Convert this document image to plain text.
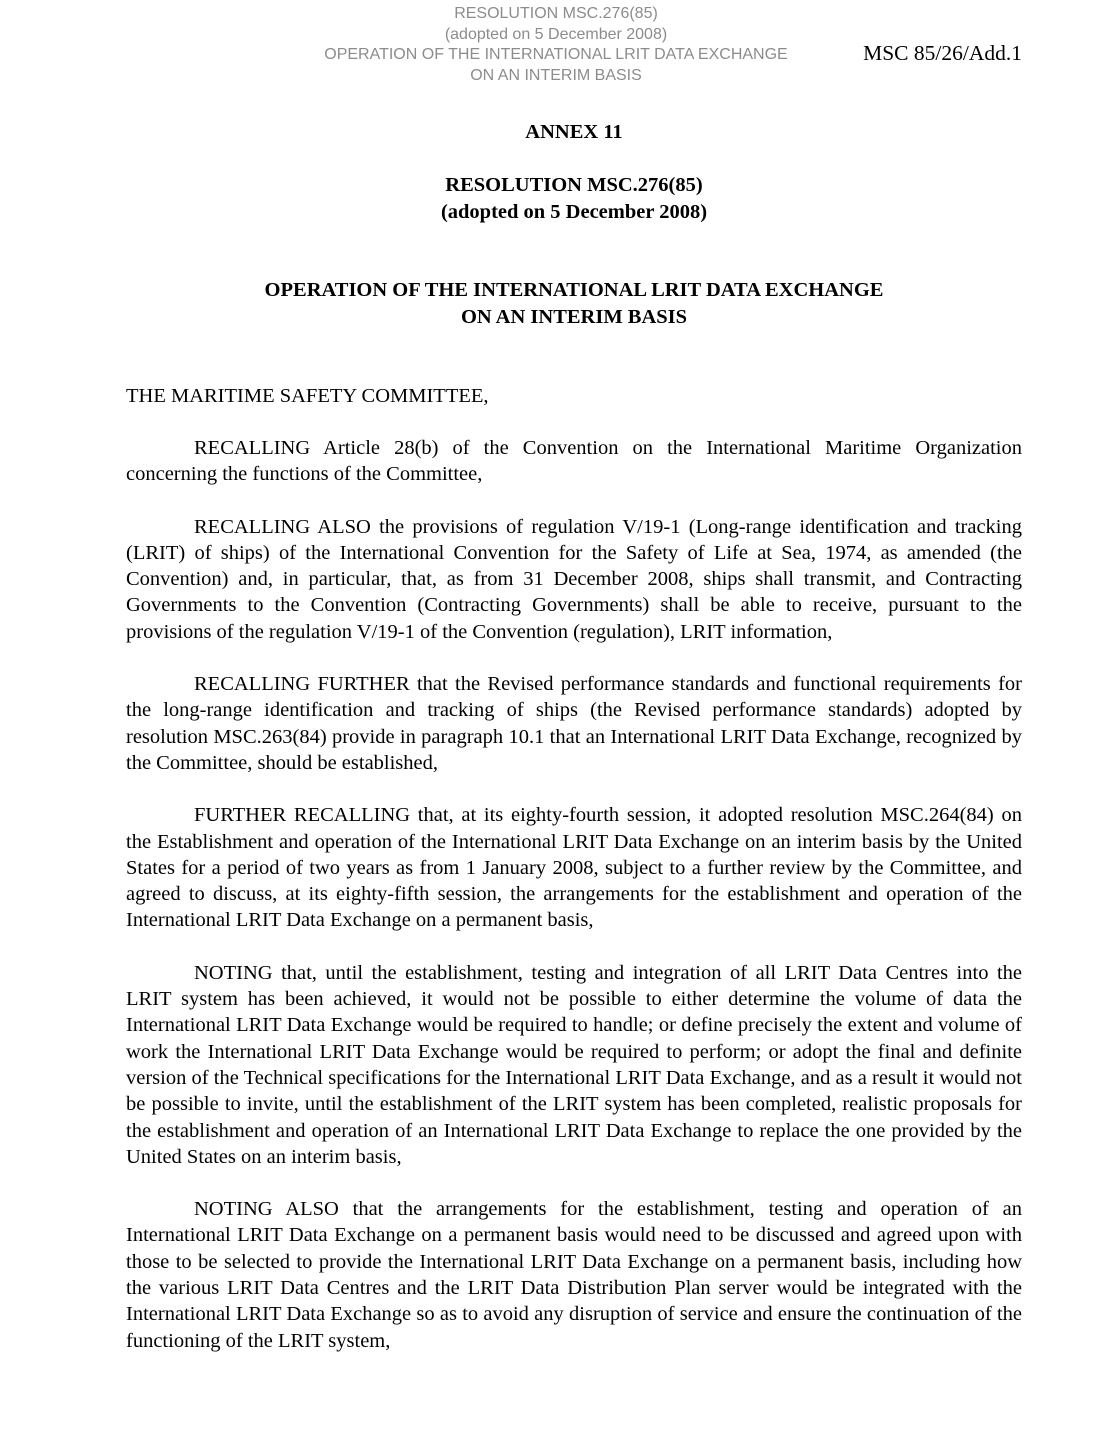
RESOLUTION MSC.276(85)
(adopted on 5 December 2008)
OPERATION OF THE INTERNATIONAL LRIT DATA EXCHANGE
ON AN INTERIM BASIS
MSC 85/26/Add.1
ANNEX 11
RESOLUTION MSC.276(85)
(adopted on 5 December 2008)
OPERATION OF THE INTERNATIONAL LRIT DATA EXCHANGE
ON AN INTERIM BASIS
THE MARITIME SAFETY COMMITTEE,

RECALLING Article 28(b) of the Convention on the International Maritime Organization concerning the functions of the Committee,

RECALLING ALSO the provisions of regulation V/19-1 (Long-range identification and tracking (LRIT) of ships) of the International Convention for the Safety of Life at Sea, 1974, as amended (the Convention) and, in particular, that, as from 31 December 2008, ships shall transmit, and Contracting Governments to the Convention (Contracting Governments) shall be able to receive, pursuant to the provisions of the regulation V/19-1 of the Convention (regulation), LRIT information,

RECALLING FURTHER that the Revised performance standards and functional requirements for the long-range identification and tracking of ships (the Revised performance standards) adopted by resolution MSC.263(84) provide in paragraph 10.1 that an International LRIT Data Exchange, recognized by the Committee, should be established,

FURTHER RECALLING that, at its eighty-fourth session, it adopted resolution MSC.264(84) on the Establishment and operation of the International LRIT Data Exchange on an interim basis by the United States for a period of two years as from 1 January 2008, subject to a further review by the Committee, and agreed to discuss, at its eighty-fifth session, the arrangements for the establishment and operation of the International LRIT Data Exchange on a permanent basis,

NOTING that, until the establishment, testing and integration of all LRIT Data Centres into the LRIT system has been achieved, it would not be possible to either determine the volume of data the International LRIT Data Exchange would be required to handle; or define precisely the extent and volume of work the International LRIT Data Exchange would be required to perform; or adopt the final and definite version of the Technical specifications for the International LRIT Data Exchange, and as a result it would not be possible to invite, until the establishment of the LRIT system has been completed, realistic proposals for the establishment and operation of an International LRIT Data Exchange to replace the one provided by the United States on an interim basis,

NOTING ALSO that the arrangements for the establishment, testing and operation of an International LRIT Data Exchange on a permanent basis would need to be discussed and agreed upon with those to be selected to provide the International LRIT Data Exchange on a permanent basis, including how the various LRIT Data Centres and the LRIT Data Distribution Plan server would be integrated with the International LRIT Data Exchange so as to avoid any disruption of service and ensure the continuation of the functioning of the LRIT system,
